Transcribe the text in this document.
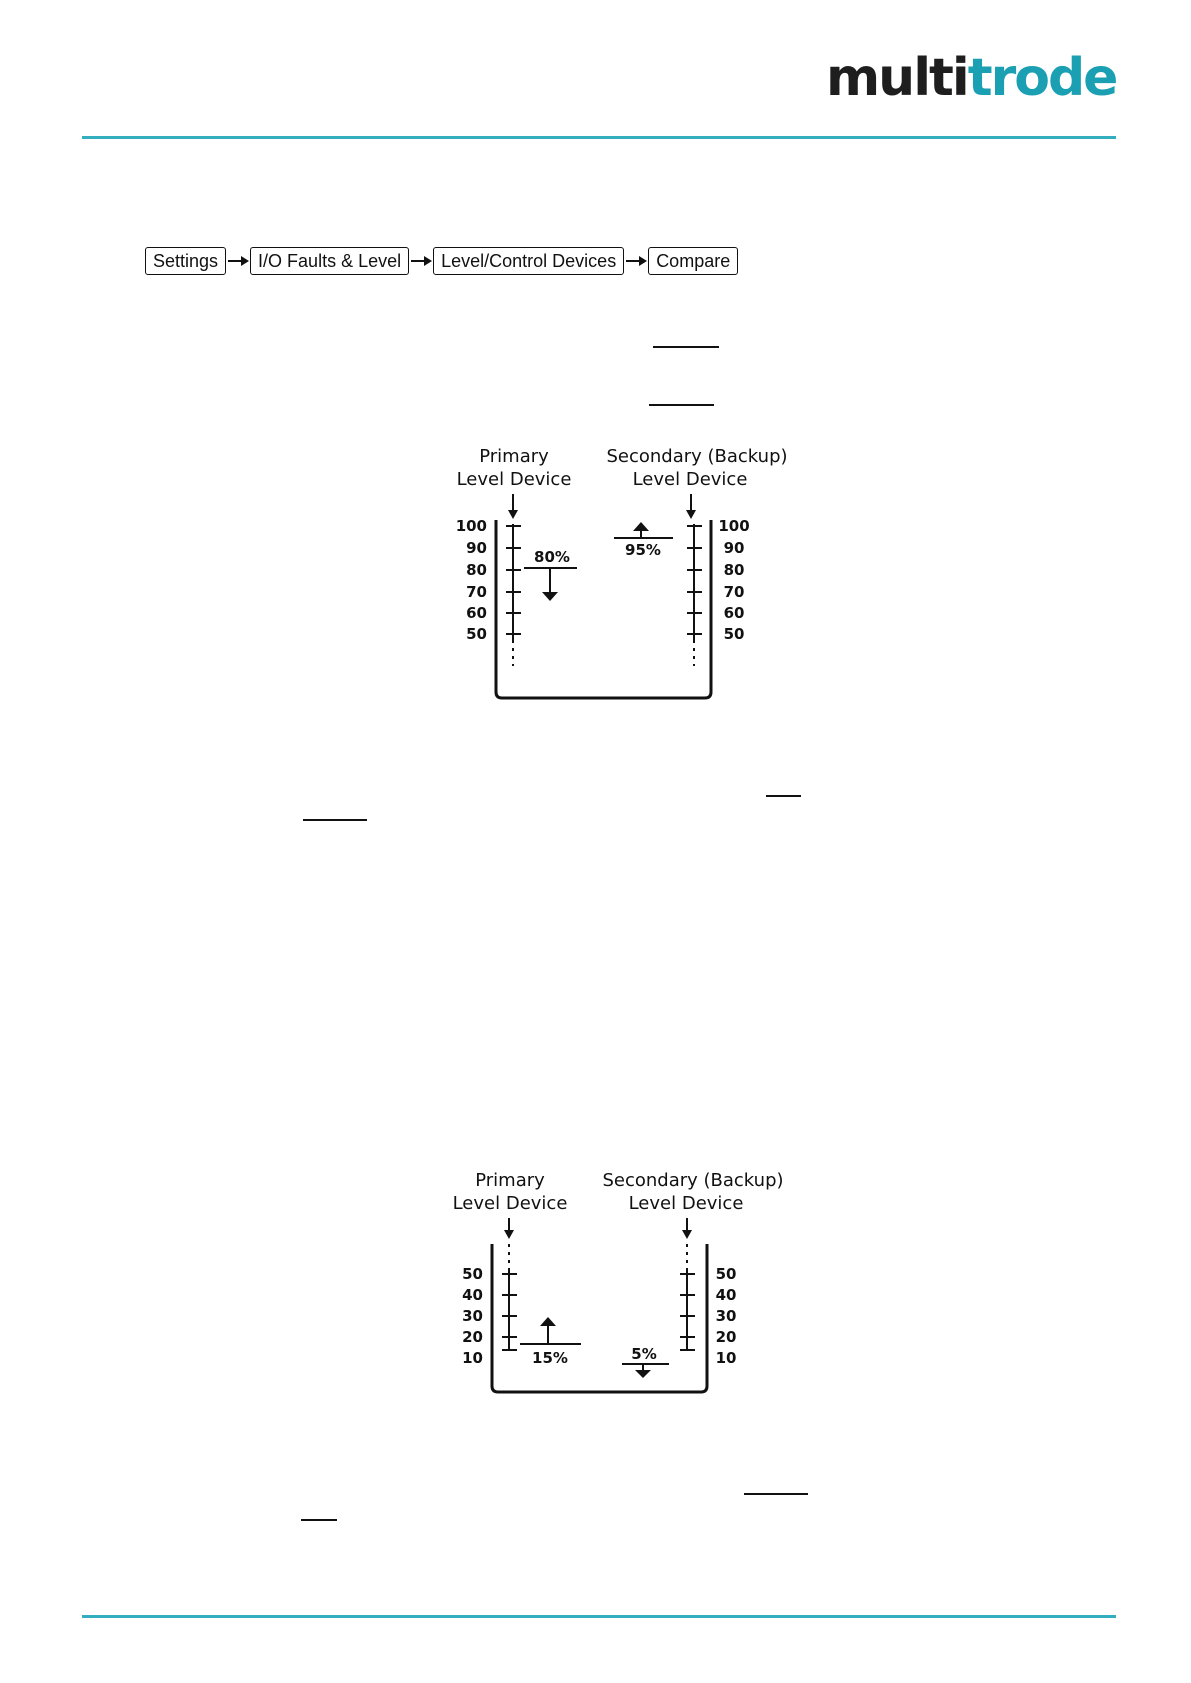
multitrode
Settings	I/O Faults & Level	Level/Control Devices	Compare
Primary
Level Device
Secondary (Backup)
Level Device
100
90
80
70
60
50
100
90
80
70
60
50
80%	95%
Primary
Level Device
Secondary (Backup)
Level Device
50
40
30
20
10
50
40
30
20
10
15%	5%
